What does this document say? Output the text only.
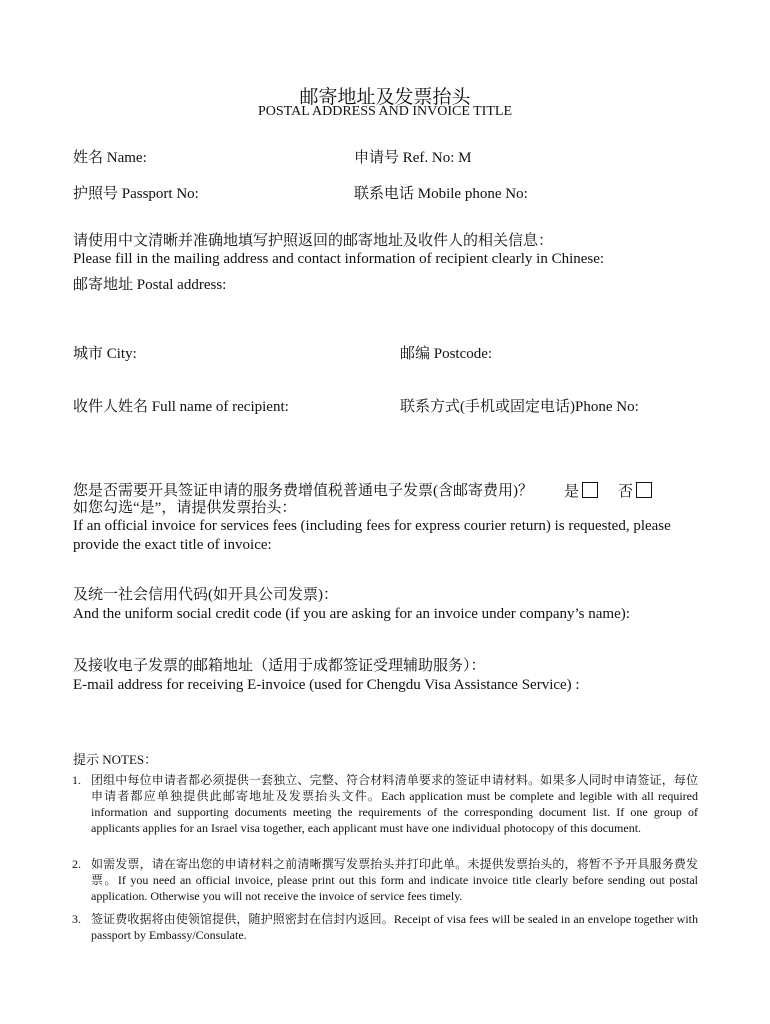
邮寄地址及发票抬头
POSTAL ADDRESS AND INVOICE TITLE
姓名 Name:	申请号 Ref. No: M
护照号 Passport No:	联系电话 Mobile phone No:
请使用中文清晰并准确地填写护照返回的邮寄地址及收件人的相关信息：
Please fill in the mailing address and contact information of recipient clearly in Chinese:
邮寄地址 Postal address:
城市 City:	邮编 Postcode:
收件人姓名 Full name of recipient:	联系方式(手机或固定电话)Phone No:
您是否需要开具签证申请的服务费增值税普通电子发票(含邮寄费用)？ 是	否
如您勾选“是”，请提供发票抬头：
If an official invoice for services fees (including fees for express courier return) is requested, please
provide the exact title of invoice:
及统一社会信用代码(如开具公司发票)：
And the uniform social credit code (if you are asking for an invoice under company’s name):
及接收电子发票的邮箱地址（适用于成都签证受理辅助服务）：
E-mail address for receiving E-invoice (used for Chengdu Visa Assistance Service) :
提示 NOTES：
1. 团组中每位申请者都必须提供一套独立、完整、符合材料清单要求的签证申请材料。如果多人同时申请签证，每位申请者都应单独提供此邮寄地址及发票抬头文件。Each application must be complete and legible with all required information and supporting documents meeting the requirements of the corresponding document list. If one group of applicants applies for an Israel visa together, each applicant must have one individual photocopy of this document.
2. 如需发票，请在寄出您的申请材料之前清晰撰写发票抬头并打印此单。未提供发票抬头的，将暂不予开具服务费发票。If you need an official invoice, please print out this form and indicate invoice title clearly before sending out postal application. Otherwise you will not receive the invoice of service fees timely.
3. 签证费收据将由使领馆提供，随护照密封在信封内返回。Receipt of visa fees will be sealed in an envelope together with passport by Embassy/Consulate.
